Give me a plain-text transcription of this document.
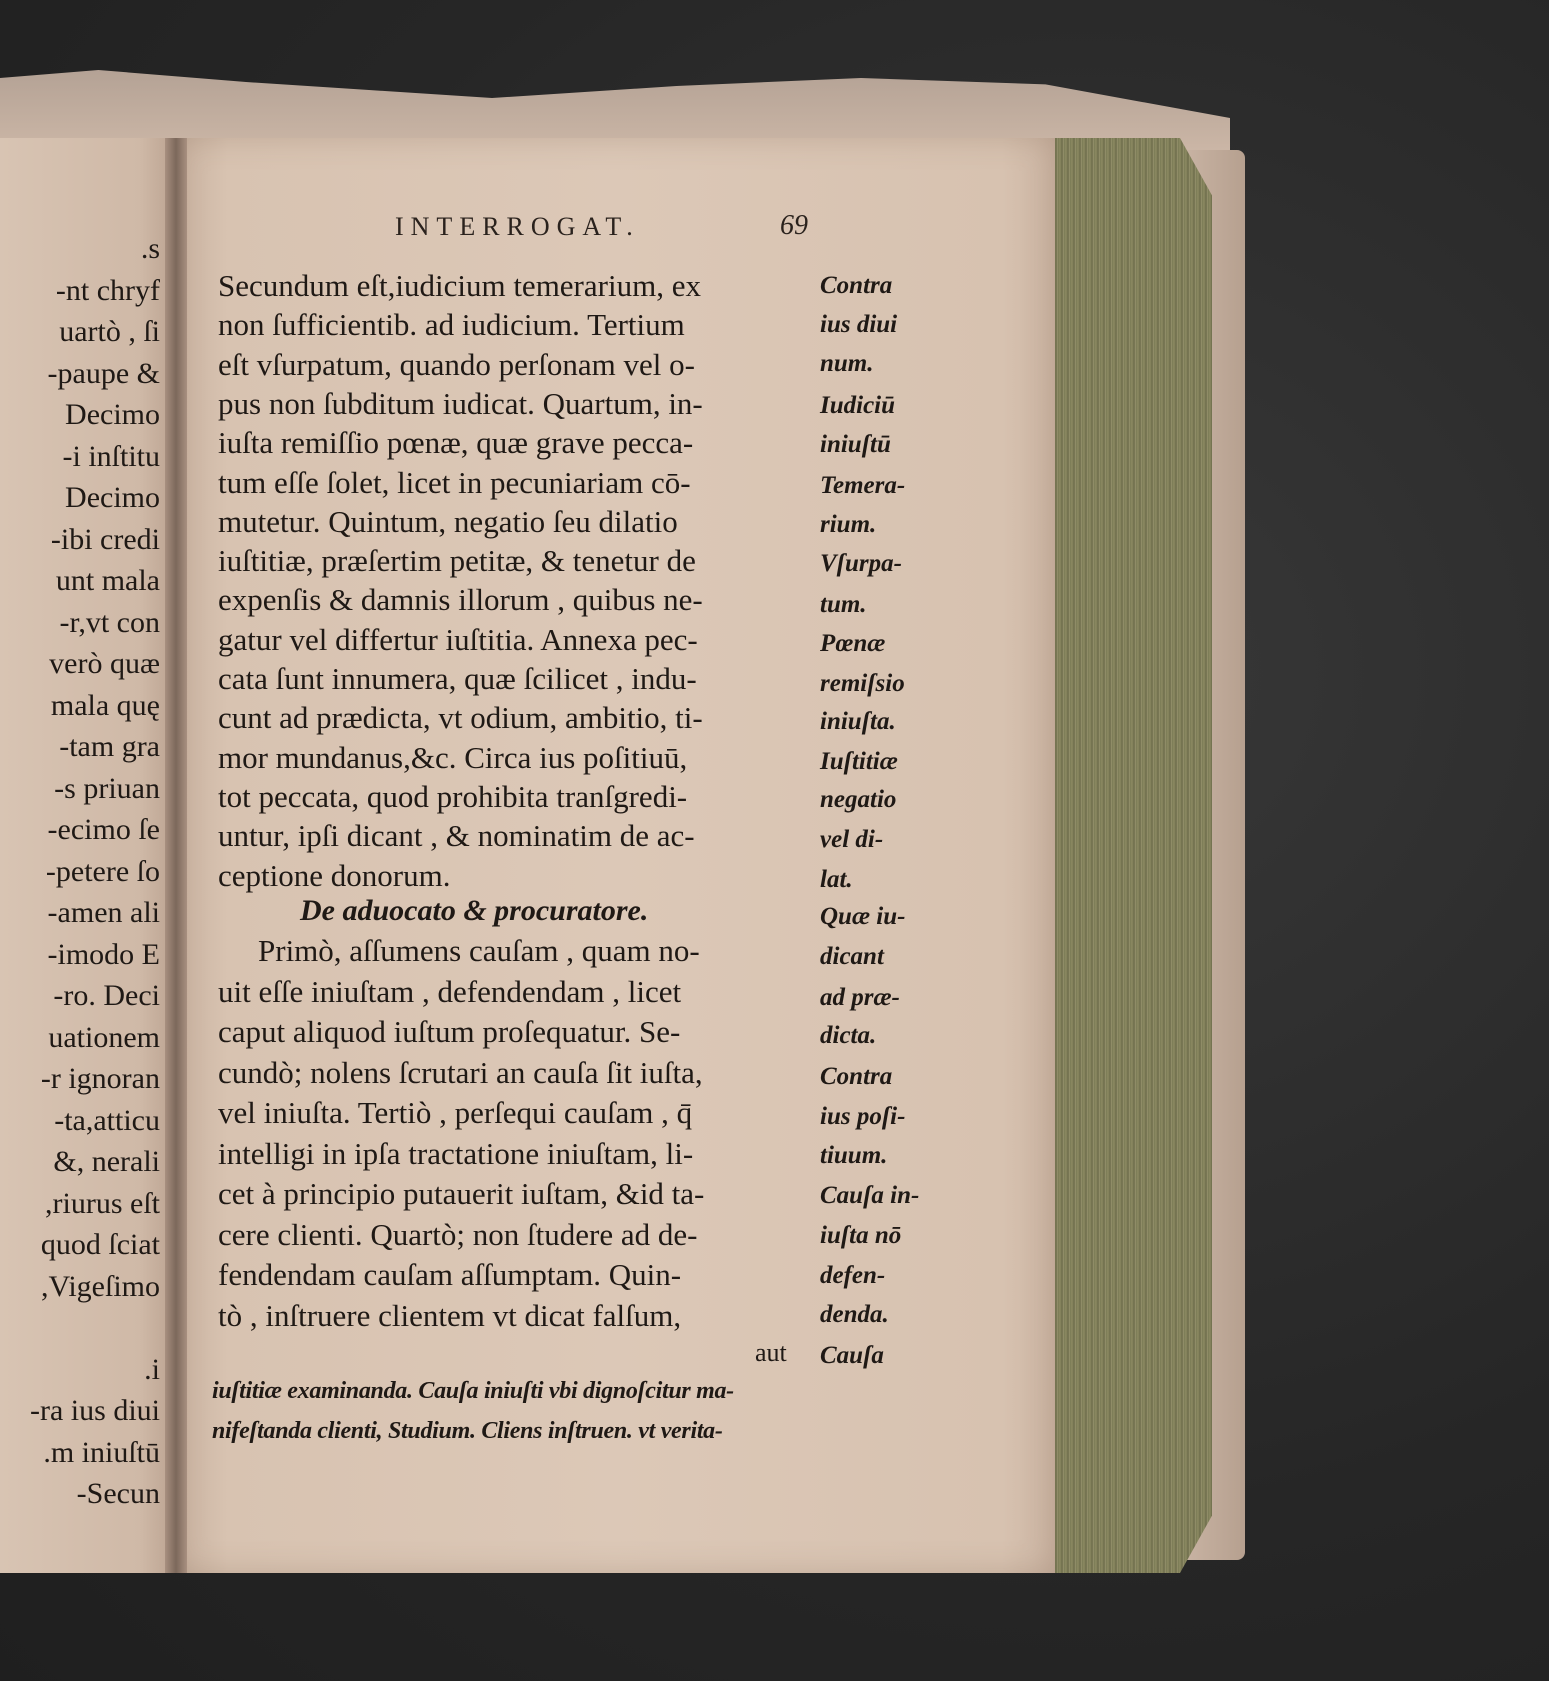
s.
nt chryf-
uartò , ſi
& paupe-
Decimo
i inſtitu-
Decimo
ibi credi-
unt mala
r,vt con-
verò quæ
mala quę
tam gra-
s priuan-
ecimo ſe-
petere ſo-
amen ali-
imodo E-
ro. Deci-
uationem
r ignoran-
ta,atticu-
nerali ,&
riurus eſt,
quod ſciat
Vigeſimo,
i.
ra ius diui-
m iniuſtū.
Secun-
INTERROGAT.	69
Secundum eſt,iudicium temerarium, ex
non ſufficientib. ad iudicium. Tertium
eſt vſurpatum, quando perſonam vel o-
pus non ſubditum iudicat. Quartum, in-
iuſta remiſſio pœnæ, quæ grave pecca-
tum eſſe ſolet, licet in pecuniariam cō-
mutetur. Quintum, negatio ſeu dilatio
iuſtitiæ, præſertim petitæ, & tenetur de
expenſis & damnis illorum , quibus ne-
gatur vel differtur iuſtitia. Annexa pec-
cata ſunt innumera, quæ ſcilicet , indu-
cunt ad prædicta, vt odium, ambitio, ti-
mor mundanus,&c. Circa ius poſitiuū,
tot peccata, quod prohibita tranſgredi-
untur, ipſi dicant , & nominatim de ac-
ceptione donorum.
De aduocato & procuratore.
Primò, aſſumens cauſam , quam no-
uit eſſe iniuſtam , defendendam , licet
caput aliquod iuſtum proſequatur. Se-
cundò; nolens ſcrutari an cauſa ſit iuſta,
vel iniuſta. Tertiò , perſequi cauſam , q̄
intelligi in ipſa tractatione iniuſtam, li-
cet à principio putauerit iuſtam, &id ta-
cere clienti. Quartò; non ſtudere ad de-
fendendam cauſam aſſumptam. Quin-
tò , inſtruere clientem vt dicat falſum,
aut
Contra
ius diui
num.
Iudiciū
iniuſtū
Temera-
rium.
Vſurpa-
tum.
Pœnæ
remiſsio
iniuſta.
Iuſtitiæ
negatio
vel di-
lat.
Quæ iu-
dicant
ad præ-
dicta.
Contra
ius poſi-
tiuum.
Cauſa in-
iuſta nō
defen-
denda.
Cauſa
iuſtitiæ examinanda. Cauſa iniuſti vbi dignoſcitur ma-
nifeſtanda clienti, Studium. Cliens inſtruen. vt verita-
